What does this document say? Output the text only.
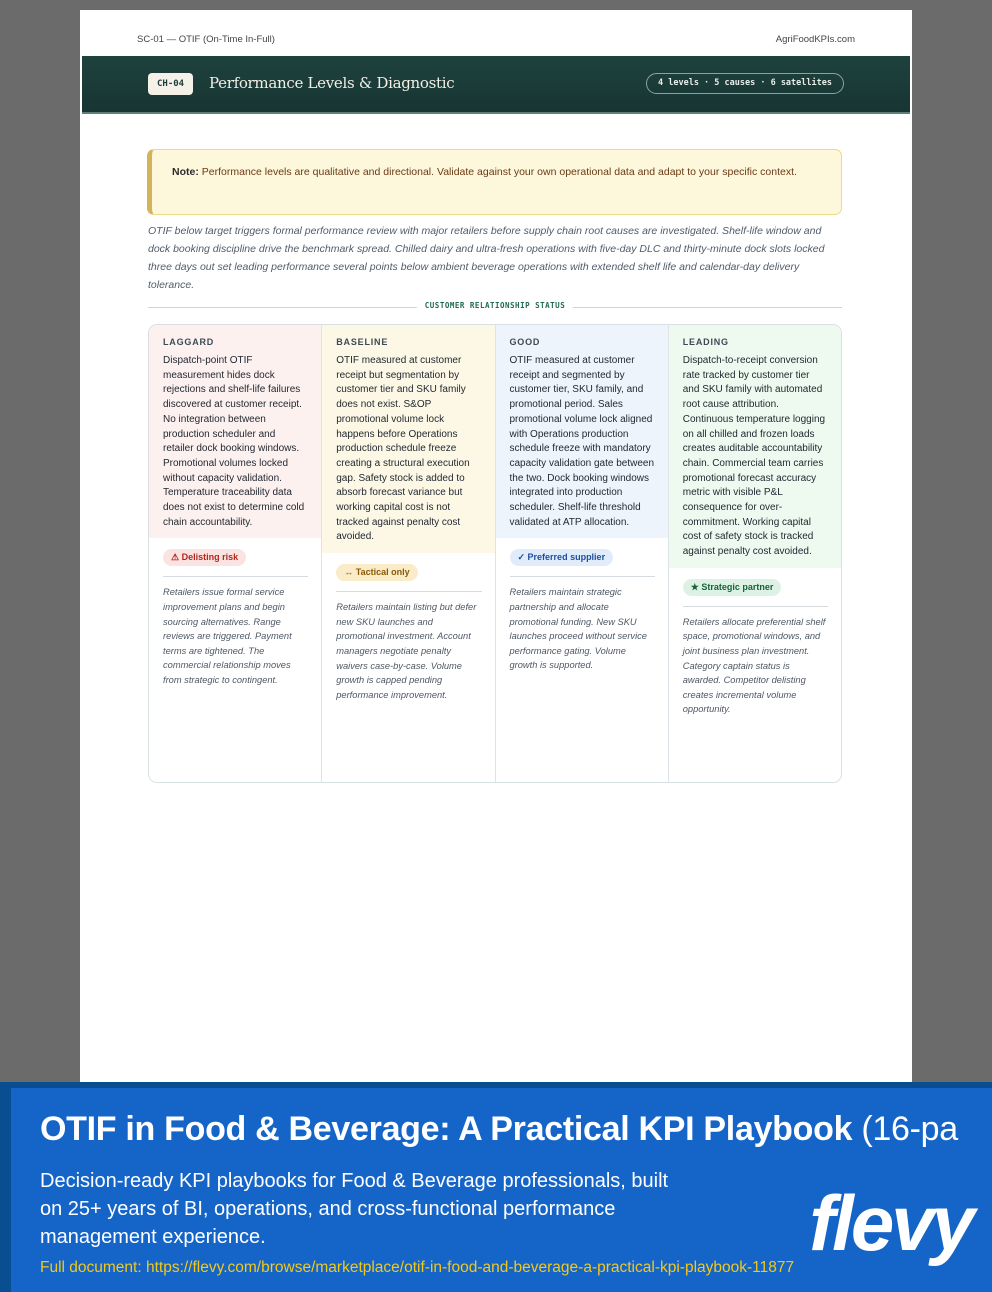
SC-01 — OTIF (On-Time In-Full)	AgriFoodKPIs.com
CH-04	Performance Levels & Diagnostic	4 levels · 5 causes · 6 satellites
Note: Performance levels are qualitative and directional. Validate against your own operational data and adapt to your specific context.

OTIF below target triggers formal performance review with major retailers before supply chain root causes are investigated. Shelf-life window and dock booking discipline drive the benchmark spread. Chilled dairy and ultra-fresh operations with five-day DLC and thirty-minute dock slots locked three days out set leading performance several points below ambient beverage operations with extended shelf life and calendar-day delivery tolerance.

CUSTOMER RELATIONSHIP STATUS
LAGGARD
Dispatch-point OTIF measurement hides dock rejections and shelf-life failures discovered at customer receipt. No integration between production scheduler and retailer dock booking windows. Promotional volumes locked without capacity validation. Temperature traceability data does not exist to determine cold chain accountability.
⚠ Delisting risk
Retailers issue formal service improvement plans and begin sourcing alternatives. Range reviews are triggered. Payment terms are tightened. The commercial relationship moves from strategic to contingent.
BASELINE
OTIF measured at customer receipt but segmentation by customer tier and SKU family does not exist. S&OP promotional volume lock happens before Operations production schedule freeze creating a structural execution gap. Safety stock is added to absorb forecast variance but working capital cost is not tracked against penalty cost avoided.
↔ Tactical only
Retailers maintain listing but defer new SKU launches and promotional investment. Account managers negotiate penalty waivers case-by-case. Volume growth is capped pending performance improvement.
GOOD
OTIF measured at customer receipt and segmented by customer tier, SKU family, and promotional period. Sales promotional volume lock aligned with Operations production schedule freeze with mandatory capacity validation gate between the two. Dock booking windows integrated into production scheduler. Shelf-life threshold validated at ATP allocation.
✓ Preferred supplier
Retailers maintain strategic partnership and allocate promotional funding. New SKU launches proceed without service performance gating. Volume growth is supported.
LEADING
Dispatch-to-receipt conversion rate tracked by customer tier and SKU family with automated root cause attribution. Continuous temperature logging on all chilled and frozen loads creates auditable accountability chain. Commercial team carries promotional forecast accuracy metric with visible P&L consequence for over-commitment. Working capital cost of safety stock is tracked against penalty cost avoided.
★ Strategic partner
Retailers allocate preferential shelf space, promotional windows, and joint business plan investment. Category captain status is awarded. Competitor delisting creates incremental volume opportunity.
OTIF in Food & Beverage: A Practical KPI Playbook (16-pa
Decision-ready KPI playbooks for Food & Beverage professionals, built on 25+ years of BI, operations, and cross-functional performance management experience.
Full document: https://flevy.com/browse/marketplace/otif-in-food-and-beverage-a-practical-kpi-playbook-11877
flevy
